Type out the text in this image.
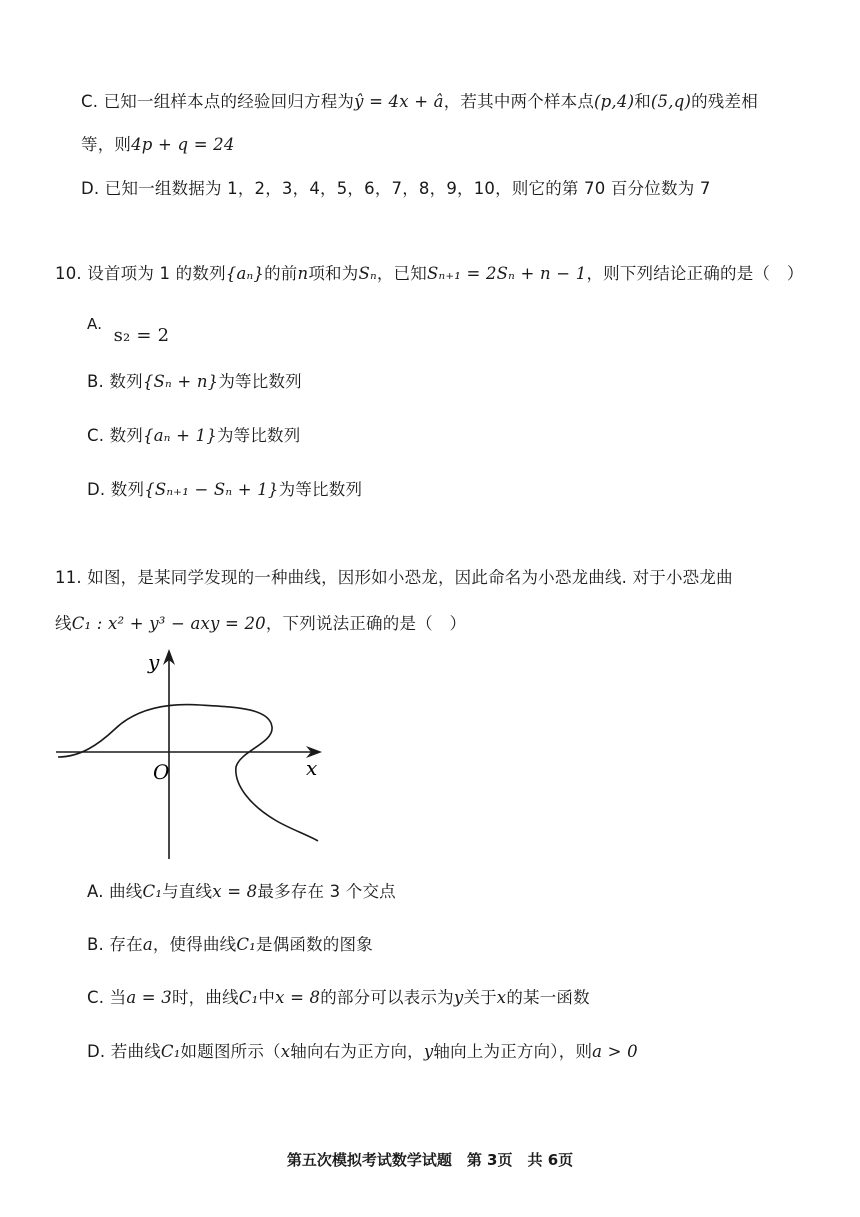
C. 已知一组样本点的经验回归方程为ŷ = 4x + â，若其中两个样本点(p,4)和(5,q)的残差相
等，则4p + q = 24
D. 已知一组数据为 1，2，3，4，5，6，7，8，9，10，则它的第 70 百分位数为 7
10. 设首项为 1 的数列{aₙ}的前n项和为Sₙ，已知Sₙ₊₁ = 2Sₙ + n − 1，则下列结论正确的是（　）
A. s₂ = 2
B. 数列{Sₙ + n}为等比数列
C. 数列{aₙ + 1}为等比数列
D. 数列{Sₙ₊₁ − Sₙ + 1}为等比数列
11. 如图，是某同学发现的一种曲线，因形如小恐龙，因此命名为小恐龙曲线. 对于小恐龙曲
线C₁ : x² + y³ − axy = 20，下列说法正确的是（　）
O
y
x
A. 曲线C₁与直线x = 8最多存在 3 个交点
B. 存在a，使得曲线C₁是偶函数的图象
C. 当a = 3时，曲线C₁中x = 8的部分可以表示为y关于x的某一函数
D. 若曲线C₁如题图所示（x轴向右为正方向，y轴向上为正方向），则a > 0
第五次模拟考试数学试题　第 3页　共 6页
